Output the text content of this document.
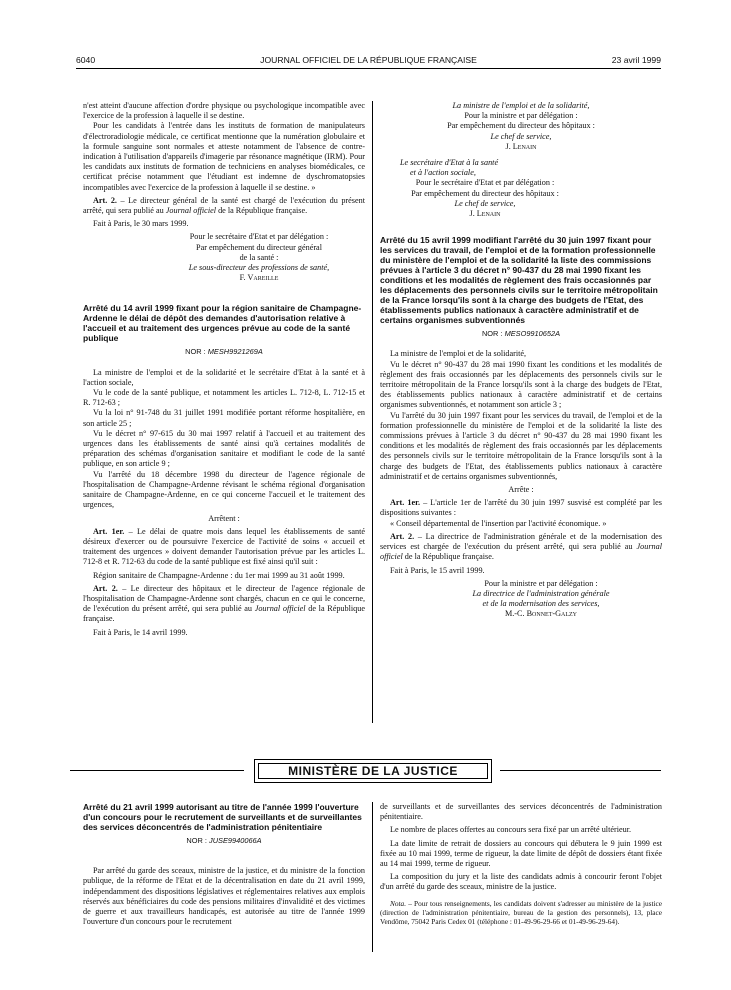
6040	JOURNAL OFFICIEL DE LA RÉPUBLIQUE FRANÇAISE	23 avril 1999

n'est atteint d'aucune affection d'ordre physique ou psychologique incompatible avec l'exercice de la profession à laquelle il se destine.

Pour les candidats à l'entrée dans les instituts de formation de manipulateurs d'électroradiologie médicale, ce certificat mentionne que la numération globulaire et la formule sanguine sont normales et atteste notamment de l'absence de contre-indication à l'utilisation d'appareils d'imagerie par résonance magnétique (IRM). Pour les candidats aux instituts de formation de techniciens en analyses biomédicales, ce certificat précise notamment que l'étudiant est indemne de dyschromatopsies incompatibles avec l'exercice de la profession à laquelle il se destine. »

Art. 2. – Le directeur général de la santé est chargé de l'exécution du présent arrêté, qui sera publié au Journal officiel de la République française.

Fait à Paris, le 30 mars 1999.

Pour le secrétaire d'Etat et par délégation :

Par empêchement du directeur général

de la santé :

Le sous-directeur des professions de santé,

F. Vareille

Arrêté du 14 avril 1999 fixant pour la région sanitaire de Champagne-Ardenne le délai de dépôt des demandes d'autorisation relative à l'accueil et au traitement des urgences prévue au code de la santé publique

NOR : MESH9921269A

La ministre de l'emploi et de la solidarité et le secrétaire d'Etat à la santé et à l'action sociale,

Vu le code de la santé publique, et notamment les articles L. 712-8, L. 712-15 et R. 712-63 ;

Vu la loi n° 91-748 du 31 juillet 1991 modifiée portant réforme hospitalière, en son article 25 ;

Vu le décret n° 97-615 du 30 mai 1997 relatif à l'accueil et au traitement des urgences dans les établissements de santé ainsi qu'à certaines modalités de préparation des schémas d'organisation sanitaire et modifiant le code de la santé publique, en son article 9 ;

Vu l'arrêté du 18 décembre 1998 du directeur de l'agence régionale de l'hospitalisation de Champagne-Ardenne révisant le schéma régional d'organisation sanitaire de Champagne-Ardenne, en ce qui concerne l'accueil et le traitement des urgences,

Arrêtent :

Art. 1er. – Le délai de quatre mois dans lequel les établissements de santé désireux d'exercer ou de poursuivre l'exercice de l'activité de soins « accueil et traitement des urgences » doivent demander l'autorisation prévue par les articles L. 712-8 et R. 712-63 du code de la santé publique est fixé ainsi qu'il suit :

Région sanitaire de Champagne-Ardenne : du 1er mai 1999 au 31 août 1999.

Art. 2. – Le directeur des hôpitaux et le directeur de l'agence régionale de l'hospitalisation de Champagne-Ardenne sont chargés, chacun en ce qui le concerne, de l'exécution du présent arrêté, qui sera publié au Journal officiel de la République française.

Fait à Paris, le 14 avril 1999.

La ministre de l'emploi et de la solidarité,

Pour la ministre et par délégation :

Par empêchement du directeur des hôpitaux :

Le chef de service,

J. Lenain

Le secrétaire d'Etat à la santé

et à l'action sociale,

Pour le secrétaire d'Etat et par délégation :

Par empêchement du directeur des hôpitaux :

Le chef de service,

J. Lenain

Arrêté du 15 avril 1999 modifiant l'arrêté du 30 juin 1997 fixant pour les services du travail, de l'emploi et de la formation professionnelle du ministère de l'emploi et de la solidarité la liste des commissions prévues à l'article 3 du décret n° 90-437 du 28 mai 1990 fixant les conditions et les modalités de règlement des frais occasionnés par les déplacements des personnels civils sur le territoire métropolitain de la France lorsqu'ils sont à la charge des budgets de l'Etat, des établissements publics nationaux à caractère administratif et de certains organismes subventionnés

NOR : MESO9910652A

La ministre de l'emploi et de la solidarité,

Vu le décret n° 90-437 du 28 mai 1990 fixant les conditions et les modalités de règlement des frais occasionnés par les déplacements des personnels civils sur le territoire métropolitain de la France lorsqu'ils sont à la charge des budgets de l'Etat, des établissements publics nationaux à caractère administratif et de certains organismes subventionnés, et notamment son article 3 ;

Vu l'arrêté du 30 juin 1997 fixant pour les services du travail, de l'emploi et de la formation professionnelle du ministère de l'emploi et de la solidarité la liste des commissions prévues à l'article 3 du décret n° 90-437 du 28 mai 1990 fixant les conditions et les modalités de règlement des frais occasionnés par les déplacements des personnels civils sur le territoire métropolitain de la France lorsqu'ils sont à la charge des budgets de l'Etat, des établissements publics nationaux à caractère administratif et de certains organismes subventionnés,

Arrête :

Art. 1er. – L'article 1er de l'arrêté du 30 juin 1997 susvisé est complété par les dispositions suivantes :

« Conseil départemental de l'insertion par l'activité économique. »

Art. 2. – La directrice de l'administration générale et de la modernisation des services est chargée de l'exécution du présent arrêté, qui sera publié au Journal officiel de la République française.

Fait à Paris, le 15 avril 1999.

Pour la ministre et par délégation :

La directrice de l'administration générale

et de la modernisation des services,

M.-C. Bonnet-Galzy

MINISTÈRE DE LA JUSTICE

Arrêté du 21 avril 1999 autorisant au titre de l'année 1999 l'ouverture d'un concours pour le recrutement de surveillants et de surveillantes des services déconcentrés de l'administration pénitentiaire

NOR : JUSE9940066A

Par arrêté du garde des sceaux, ministre de la justice, et du ministre de la fonction publique, de la réforme de l'Etat et de la décentralisation en date du 21 avril 1999, indépendamment des dispositions législatives et réglementaires relatives aux emplois réservés aux bénéficiaires du code des pensions militaires d'invalidité et des victimes de guerre et aux travailleurs handicapés, est autorisée au titre de l'année 1999 l'ouverture d'un concours pour le recrutement

de surveillants et de surveillantes des services déconcentrés de l'administration pénitentiaire.

Le nombre de places offertes au concours sera fixé par un arrêté ultérieur.

La date limite de retrait de dossiers au concours qui débutera le 9 juin 1999 est fixée au 10 mai 1999, terme de rigueur, la date limite de dépôt de dossiers étant fixée au 14 mai 1999, terme de rigueur.

La composition du jury et la liste des candidats admis à concourir feront l'objet d'un arrêté du garde des sceaux, ministre de la justice.

Nota. – Pour tous renseignements, les candidats doivent s'adresser au ministère de la justice (direction de l'administration pénitentiaire, bureau de la gestion des personnels), 13, place Vendôme, 75042 Paris Cedex 01 (téléphone : 01-49-96-29-66 et 01-49-96-29-64).
